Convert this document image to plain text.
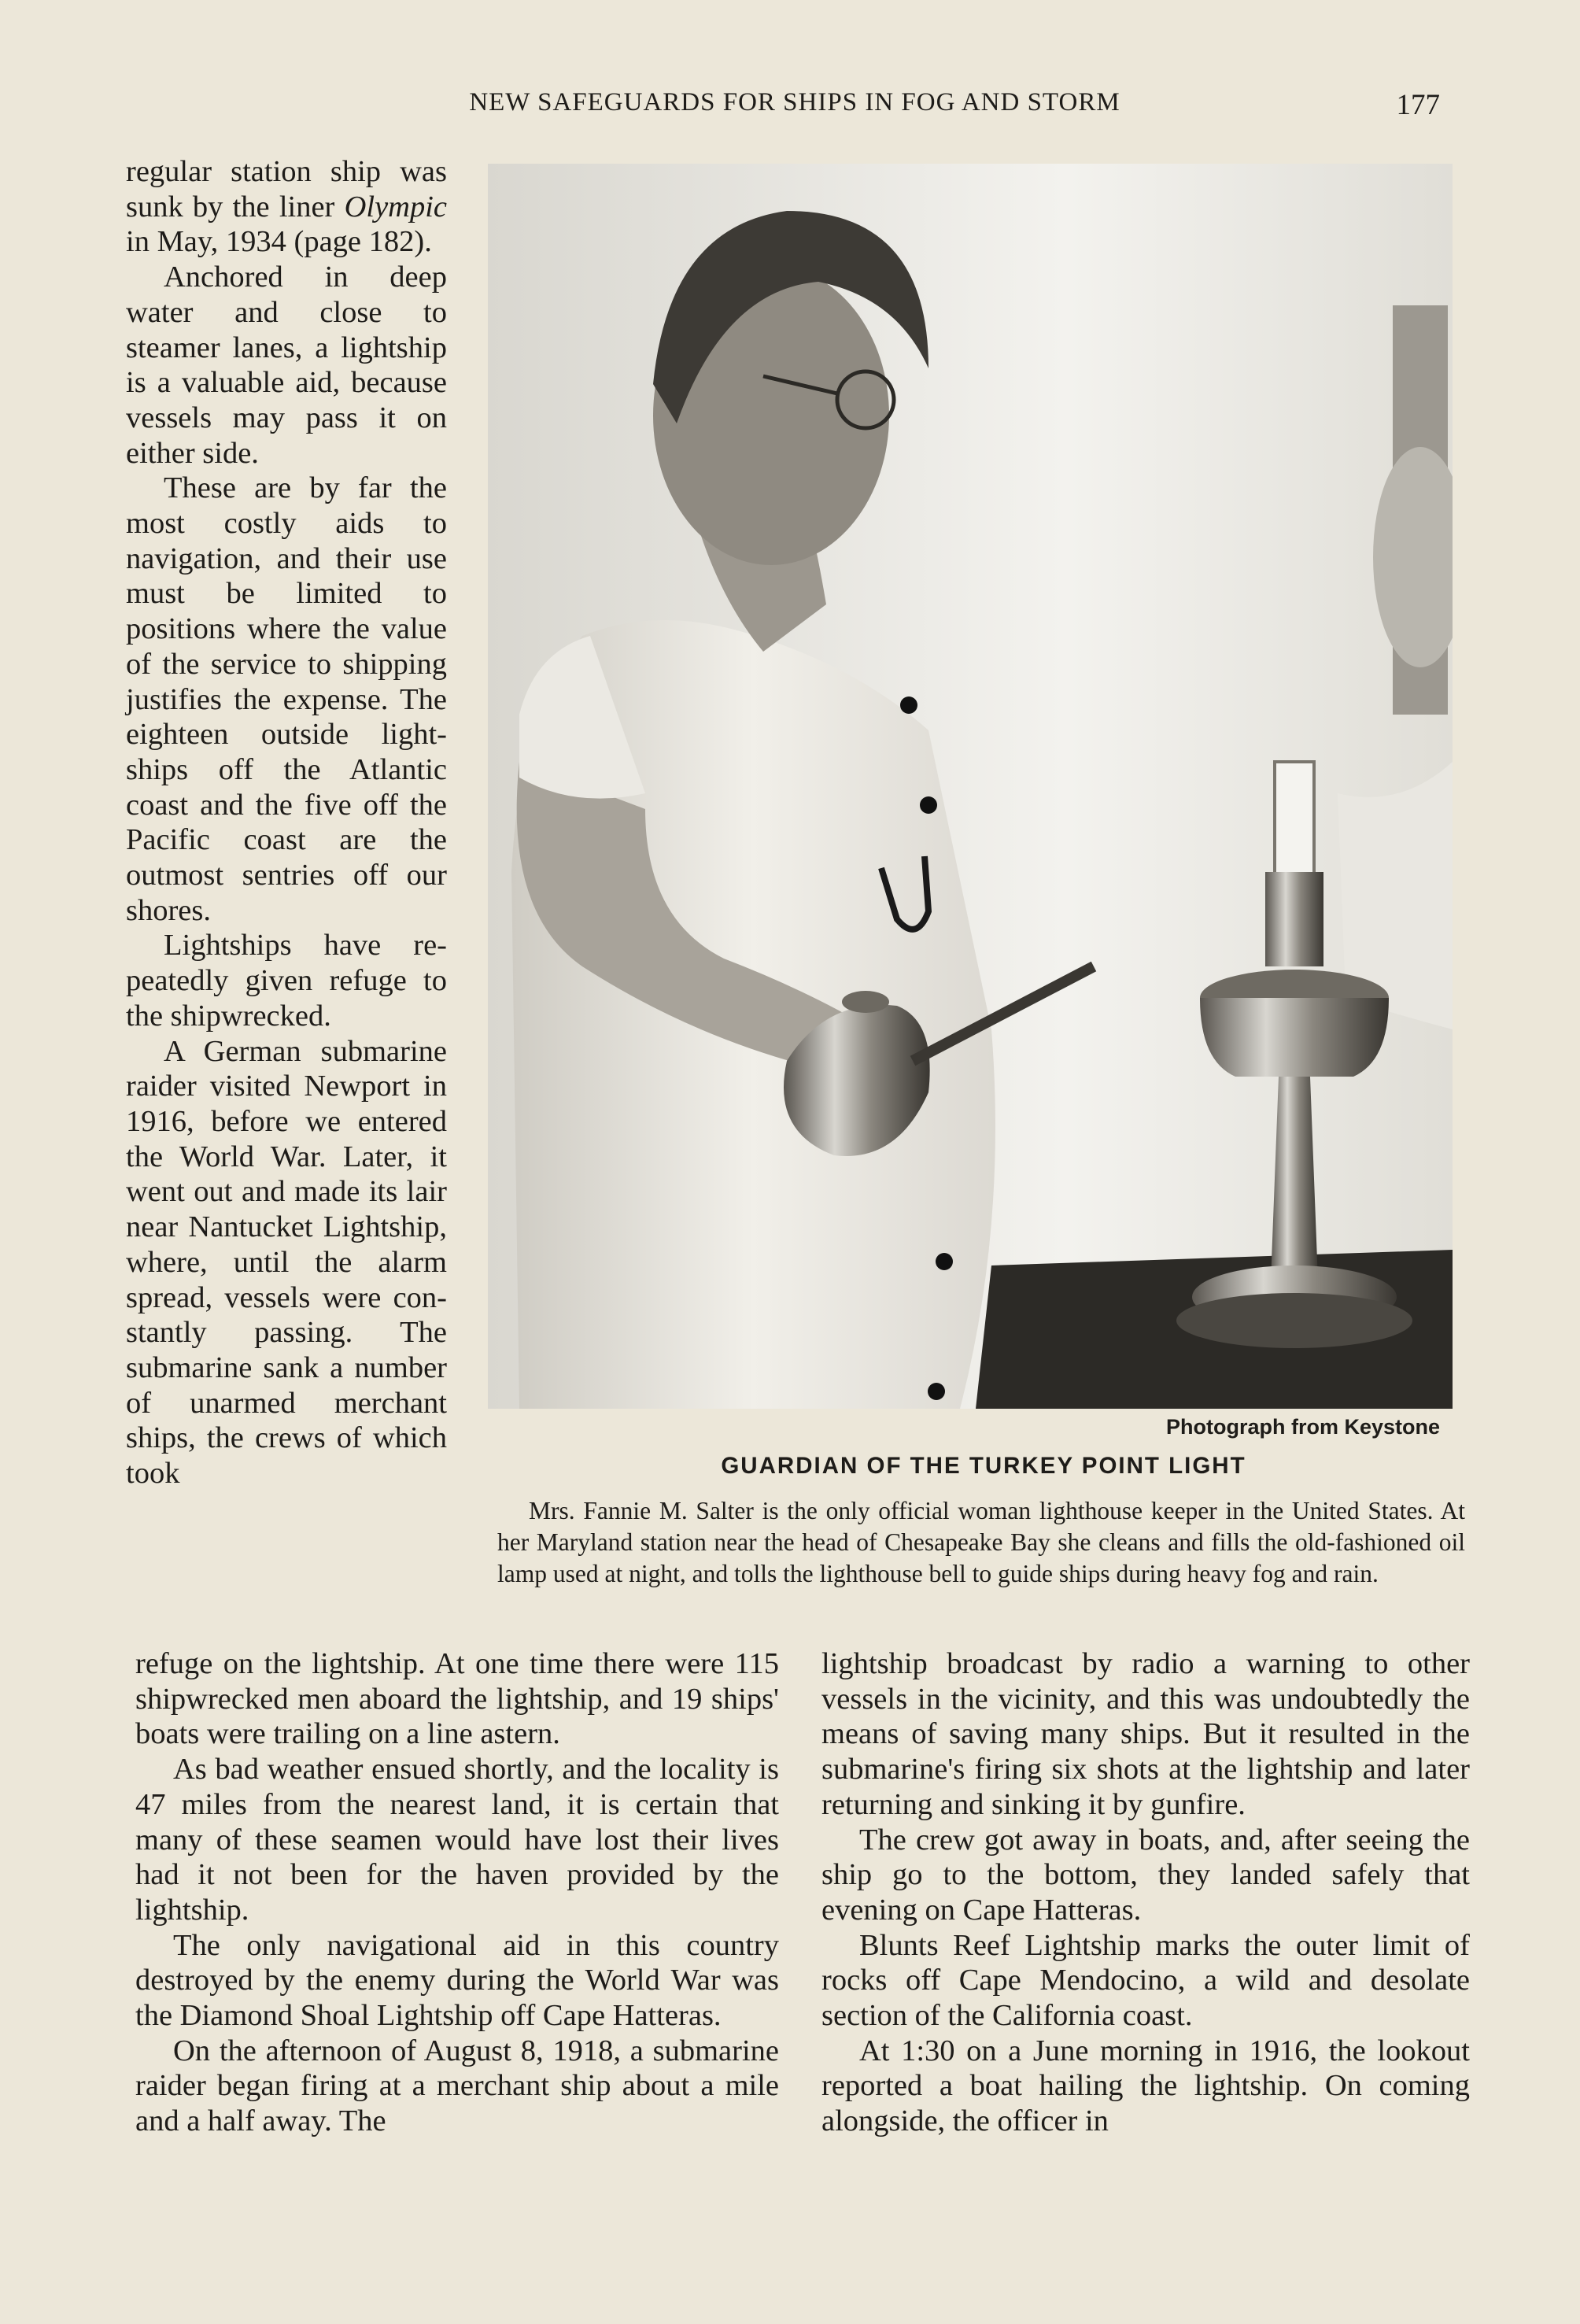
NEW SAFEGUARDS FOR SHIPS IN FOG AND STORM	177

regular station ship was sunk by the liner Olympic in May, 1934 (page 182).

Anchored in deep water and close to steamer lanes, a lightship is a valuable aid, because vessels may pass it on either side.

These are by far the most costly aids to navigation, and their use must be limited to positions where the value of the service to shipping justifies the expense. The eighteen outside lightships off the Atlantic coast and the five off the Pacific coast are the outmost sentries off our shores.

Lightships have repeatedly given refuge to the shipwrecked.

A German submarine raider visited Newport in 1916, before we entered the World War. Later, it went out and made its lair near Nantucket Lightship, where, until the alarm spread, vessels were constantly passing. The submarine sank a number of unarmed merchant ships, the crews of which took

Photograph from Keystone
GUARDIAN OF THE TURKEY POINT LIGHT
Mrs. Fannie M. Salter is the only official woman lighthouse keeper in the United States. At her Maryland station near the head of Chesapeake Bay she cleans and fills the old-fashioned oil lamp used at night, and tolls the lighthouse bell to guide ships during heavy fog and rain.

refuge on the lightship. At one time there were 115 shipwrecked men aboard the lightship, and 19 ships' boats were trailing on a line astern.

As bad weather ensued shortly, and the locality is 47 miles from the nearest land, it is certain that many of these seamen would have lost their lives had it not been for the haven provided by the lightship.

The only navigational aid in this country destroyed by the enemy during the World War was the Diamond Shoal Lightship off Cape Hatteras.

On the afternoon of August 8, 1918, a submarine raider began firing at a merchant ship about a mile and a half away. The

lightship broadcast by radio a warning to other vessels in the vicinity, and this was undoubtedly the means of saving many ships. But it resulted in the submarine's firing six shots at the lightship and later returning and sinking it by gunfire.

The crew got away in boats, and, after seeing the ship go to the bottom, they landed safely that evening on Cape Hatteras.

Blunts Reef Lightship marks the outer limit of rocks off Cape Mendocino, a wild and desolate section of the California coast.

At 1:30 on a June morning in 1916, the lookout reported a boat hailing the lightship. On coming alongside, the officer in
